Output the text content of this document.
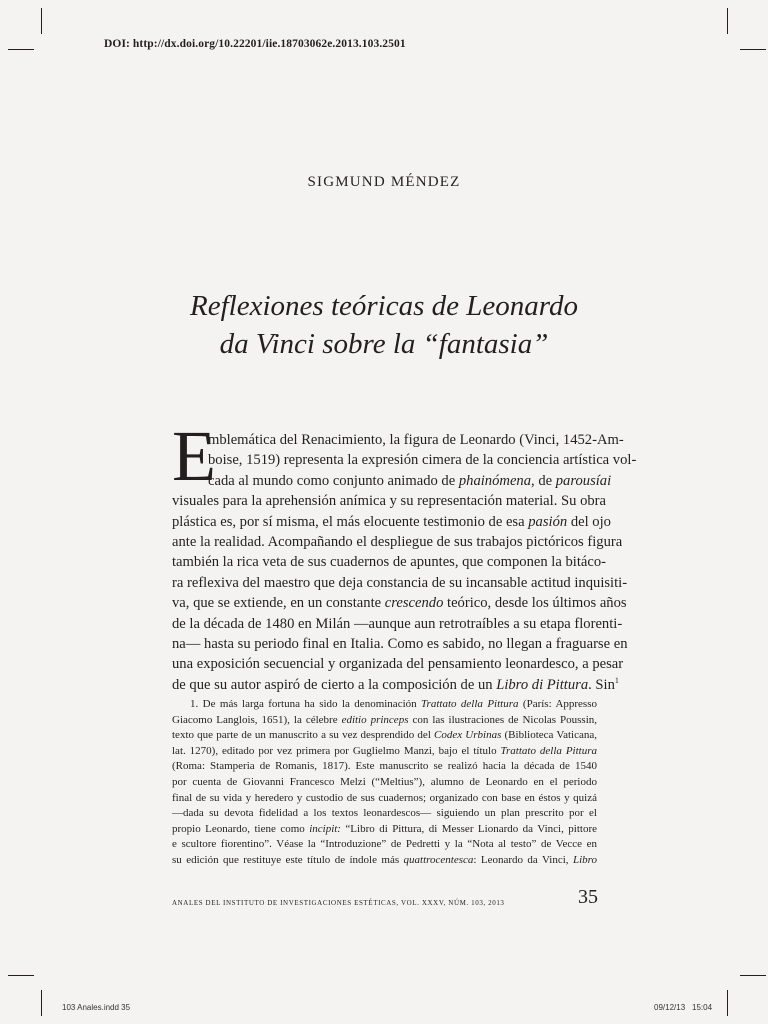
DOI: http://dx.doi.org/10.22201/iie.18703062e.2013.103.2501
SIGMUND MÉNDEZ
Reflexiones teóricas de Leonardo
da Vinci sobre la “fantasia”
E
mblemática del Renacimiento, la figura de Leonardo (Vinci, 1452-Am-
boise, 1519) representa la expresión cimera de la conciencia artística vol-
cada al mundo como conjunto animado de phainómena, de parousíai
visuales para la aprehensión anímica y su representación material. Su obra
plástica es, por sí misma, el más elocuente testimonio de esa pasión del ojo
ante la realidad. Acompañando el despliegue de sus trabajos pictóricos figura
también la rica veta de sus cuadernos de apuntes, que componen la bitáco-
ra reflexiva del maestro que deja constancia de su incansable actitud inquisiti-
va, que se extiende, en un constante crescendo teórico, desde los últimos años
de la década de 1480 en Milán —aunque aun retrotraíbles a su etapa florenti-
na— hasta su periodo final en Italia. Como es sabido, no llegan a fraguarse en
una exposición secuencial y organizada del pensamiento leonardesco, a pesar
de que su autor aspiró de cierto a la composición de un Libro di Pittura. Sin$^1$
1. De más larga fortuna ha sido la denominación Trattato della Pittura (París: Appresso
Giacomo Langlois, 1651), la célebre editio princeps con las ilustraciones de Nicolas Poussin,
texto que parte de un manuscrito a su vez desprendido del Codex Urbinas (Biblioteca Vaticana,
lat. 1270), editado por vez primera por Guglielmo Manzi, bajo el título Trattato della Pittura
(Roma: Stamperia de Romanis, 1817). Este manuscrito se realizó hacia la década de 1540
por cuenta de Giovanni Francesco Melzi (“Meltius”), alumno de Leonardo en el periodo
final de su vida y heredero y custodio de sus cuadernos; organizado con base en éstos y quizá
—dada su devota fidelidad a los textos leonardescos— siguiendo un plan prescrito por el
propio Leonardo, tiene como incipit: “Libro di Pittura, di Messer Lionardo da Vinci, pittore
e scultore fiorentino”. Véase la “Introduzione” de Pedretti y la “Nota al testo” de Vecce en
su edición que restituye este título de índole más quattrocentesca: Leonardo da Vinci, Libro
ANALES DEL INSTITUTO DE INVESTIGACIONES ESTÉTICAS, VOL. XXXV, NÚM. 103, 2013	35
103 Anales.indd 35	09/12/13 15:04
